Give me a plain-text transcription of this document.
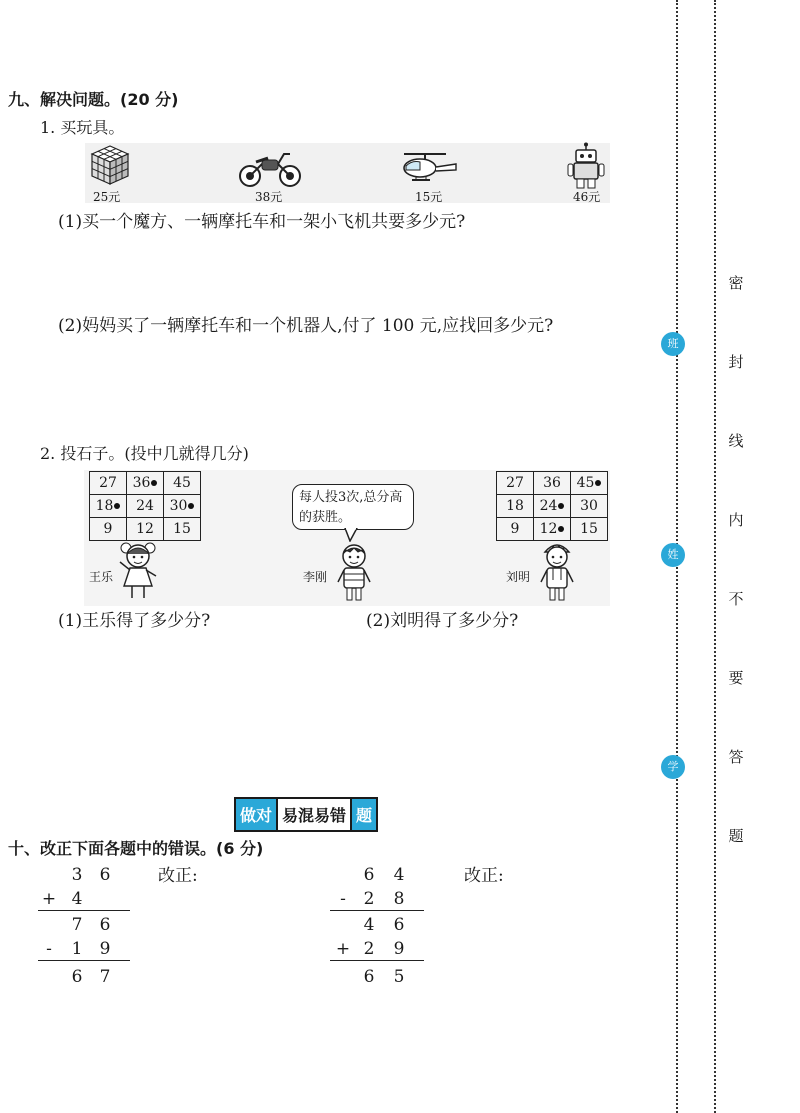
九、解决问题。(20 分)
1. 买玩具。
25元	38元	15元	46元
(1)买一个魔方、一辆摩托车和一架小飞机共要多少元?
(2)妈妈买了一辆摩托车和一个机器人,付了 100 元,应找回多少元?
2. 投石子。(投中几就得几分)
27	36	45
18	24	30
9	12	15
27	36	45
18	24	30
9	12	15
每人投3次,总分高的获胜。
王乐	李刚	刘明
(1)王乐得了多少分?	(2)刘明得了多少分?
做对 易混易错 题
十、改正下面各题中的错误。(6 分)
3 6
+ 4
7 6
-	1 9
6 7
改正:	6 4
-	2 8
4 6
+ 2 9
6 5
改正:
班
姓
学
密
封
线
内
不
要
答
题
